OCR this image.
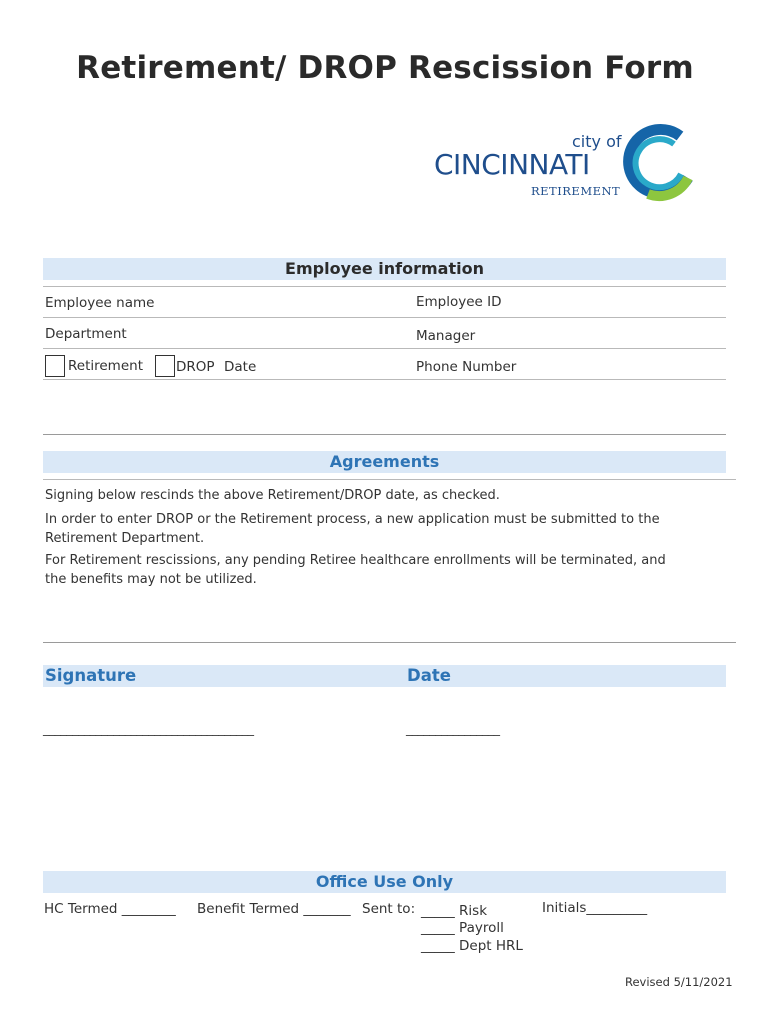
Retirement/ DROP Rescission Form
city of
CINCINNATI
RETIREMENT
Employee information
Employee name	Employee ID
Department	Manager
Retirement DROP Date	Phone Number
Agreements
Signing below rescinds the above Retirement/DROP date, as checked.
In order to enter DROP or the Retirement process, a new application must be submitted to the
Retirement Department.
For Retirement rescissions, any pending Retiree healthcare enrollments will be terminated, and
the benefits may not be utilized.
Signature	Date
____________________________________	________________
Office Use Only
HC Termed ________ Benefit Termed _______ Sent to: _____ Risk
_____ Payroll
_____ Dept HRL
Initials_________
Revised 5/11/2021
